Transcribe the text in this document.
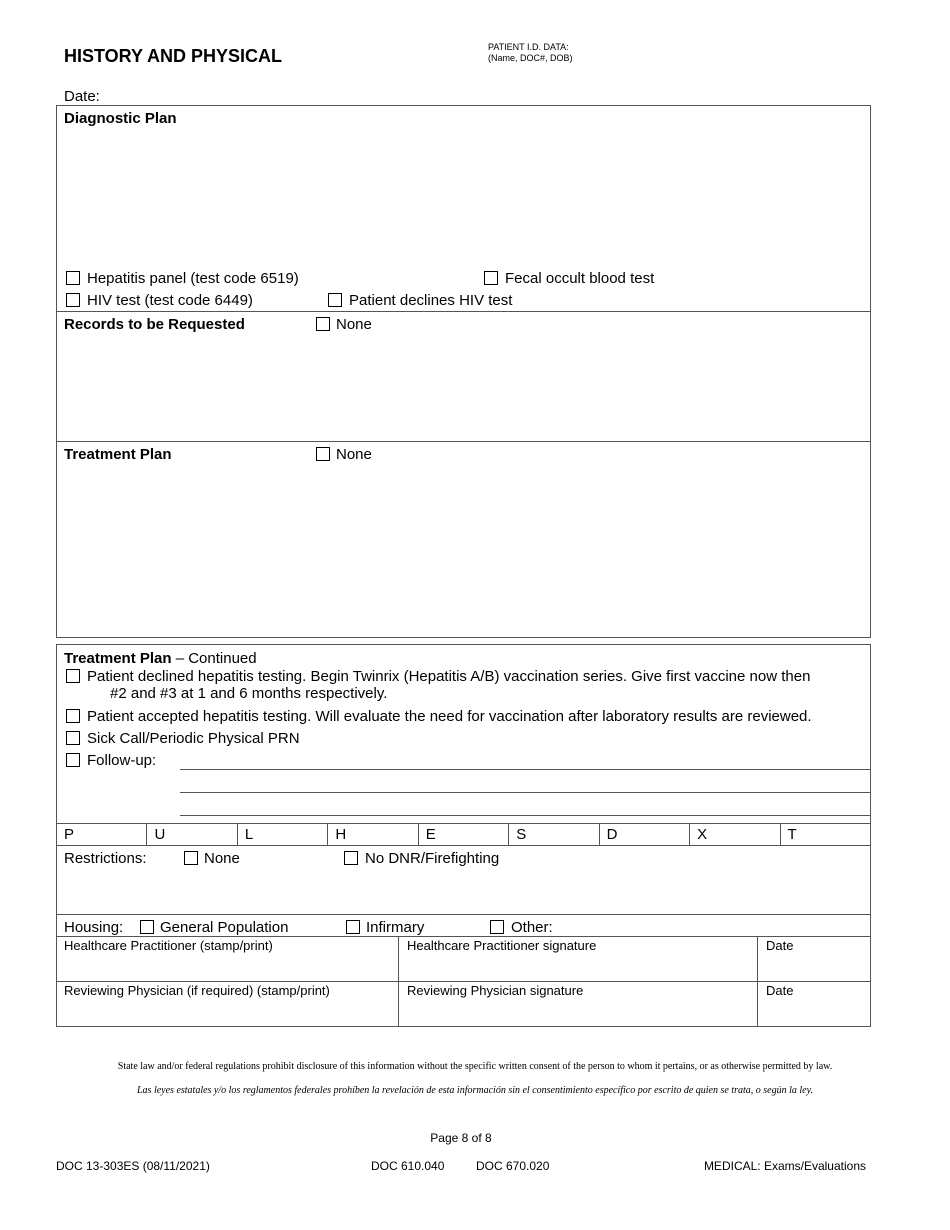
HISTORY AND PHYSICAL	PATIENT I.D. DATA:
(Name, DOC#, DOB)
Date:
Diagnostic Plan
Hepatitis panel (test code 6519)	Fecal occult blood test
HIV test (test code 6449)	Patient declines HIV test
Records to be Requested	None
Treatment Plan	None
Treatment Plan – Continued
Patient declined hepatitis testing. Begin Twinrix (Hepatitis A/B) vaccination series. Give first vaccine now then
#2 and #3 at 1 and 6 months respectively.
Patient accepted hepatitis testing. Will evaluate the need for vaccination after laboratory results are reviewed.
Sick Call/Periodic Physical PRN
Follow-up:
P	U	L	H	E	S	D	X	T
Restrictions:	None	No DNR/Firefighting
Housing: General Population	Infirmary	Other:
Healthcare Practitioner (stamp/print)	Healthcare Practitioner signature	Date
Reviewing Physician (if required) (stamp/print)	Reviewing Physician signature	Date
State law and/or federal regulations prohibit disclosure of this information without the specific written consent of the person to whom it pertains, or as otherwise permitted by law.
Las leyes estatales y/o los reglamentos federales prohíben la revelación de esta información sin el consentimiento específico por escrito de quien se trata, o según la ley.
Page 8 of 8
DOC 13-303ES (08/11/2021)	DOC 610.040	DOC 670.020	MEDICAL: Exams/Evaluations
